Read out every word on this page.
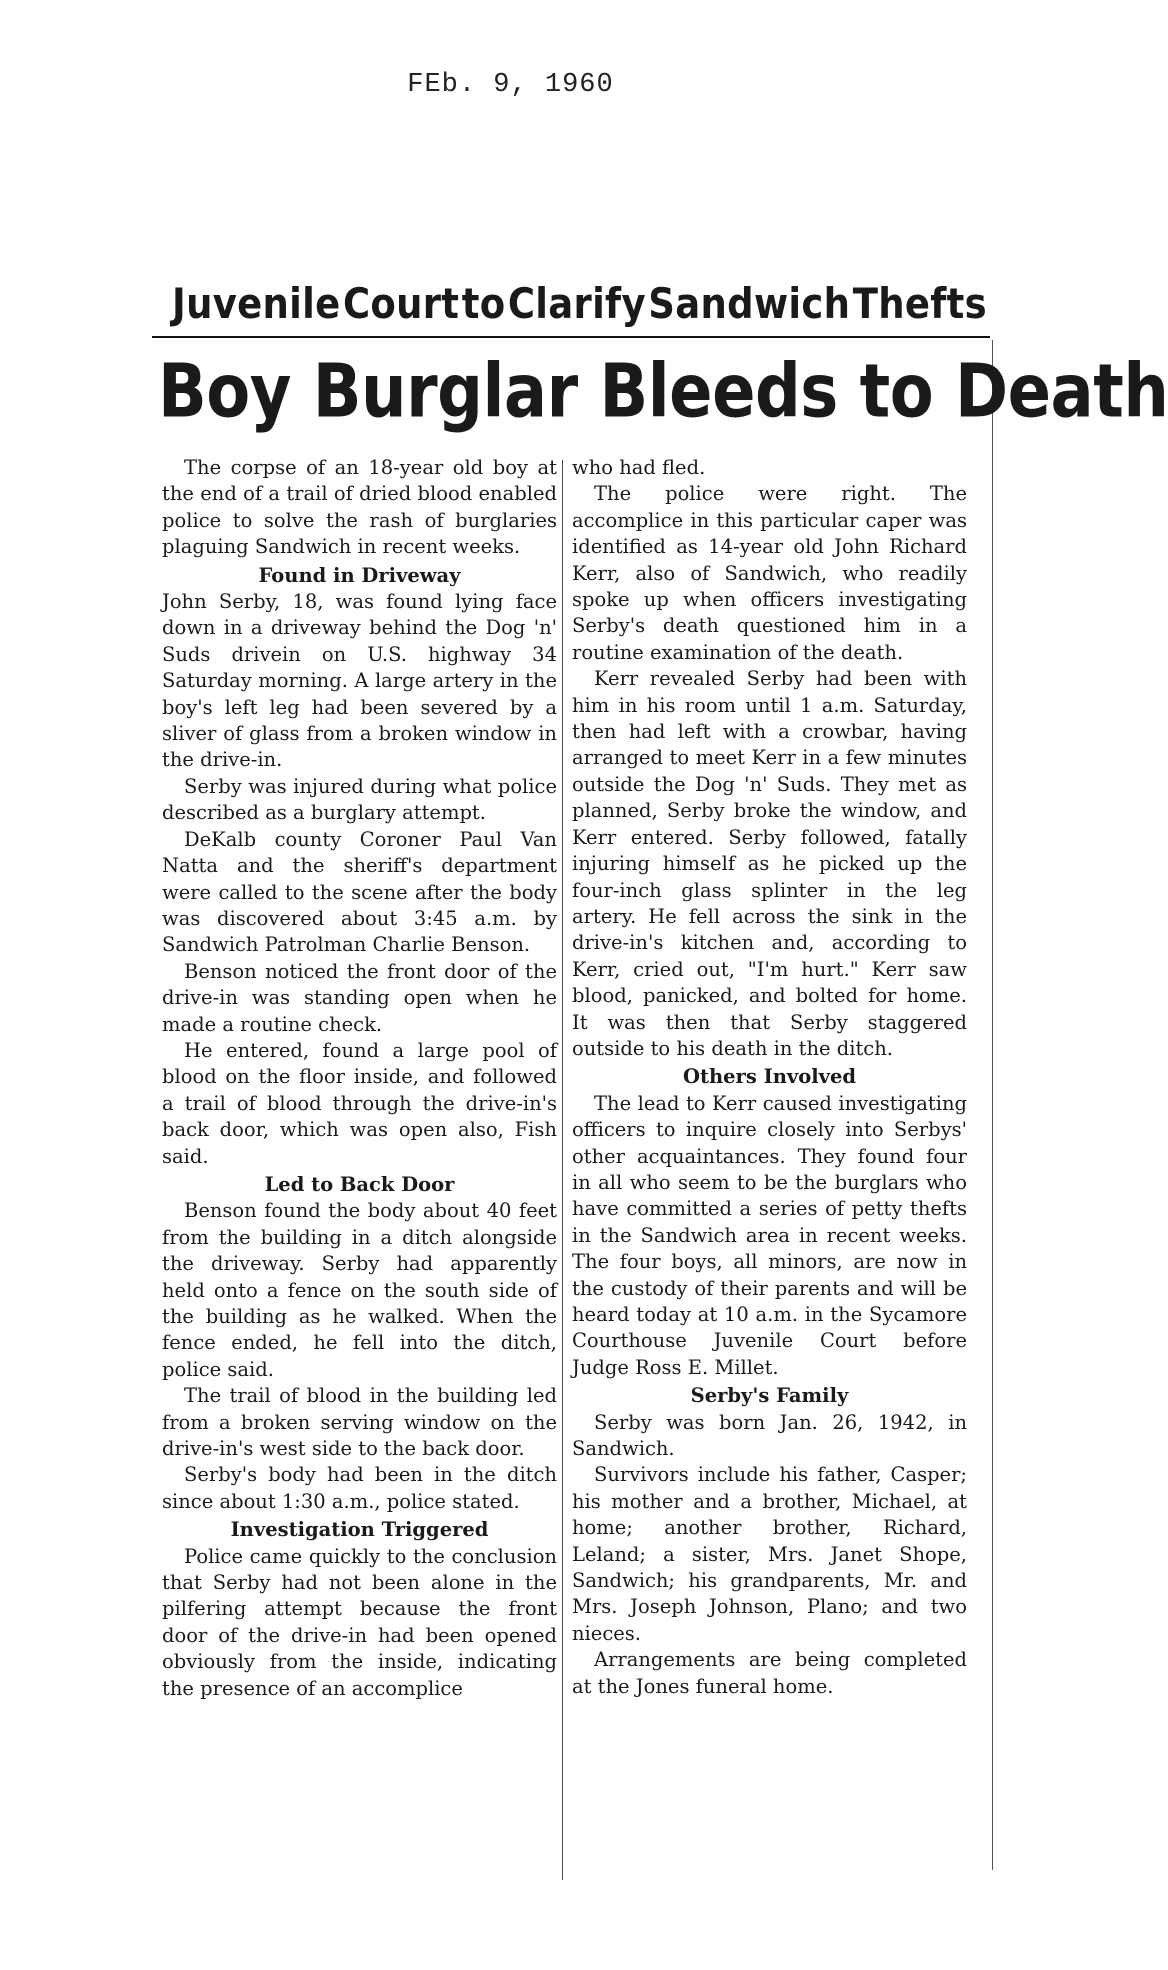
FEb. 9, 1960
Juvenile Court to Clarify Sandwich Thefts
Boy Burglar Bleeds to Death

The corpse of an 18-year old boy at the end of a trail of dried blood enabled police to solve the rash of burglaries plaguing Sandwich in recent weeks.

Found in Driveway

John Serby, 18, was found lying face down in a driveway behind the Dog 'n' Suds drivein on U.S. highway 34 Saturday morning. A large artery in the boy's left leg had been severed by a sliver of glass from a broken window in the drive-in.

Serby was injured during what police described as a burglary attempt.

DeKalb county Coroner Paul Van Natta and the sheriff's department were called to the scene after the body was discovered about 3:45 a.m. by Sandwich Patrolman Charlie Benson.

Benson noticed the front door of the drive-in was standing open when he made a routine check.

He entered, found a large pool of blood on the floor inside, and followed a trail of blood through the drive-in's back door, which was open also, Fish said.

Led to Back Door

Benson found the body about 40 feet from the building in a ditch alongside the driveway. Serby had apparently held onto a fence on the south side of the building as he walked. When the fence ended, he fell into the ditch, police said.

The trail of blood in the building led from a broken serving window on the drive-in's west side to the back door.

Serby's body had been in the ditch since about 1:30 a.m., police stated.

Investigation Triggered

Police came quickly to the conclusion that Serby had not been alone in the pilfering attempt because the front door of the drive-in had been opened obviously from the inside, indicating the presence of an accomplice

who had fled.

The police were right. The accomplice in this particular caper was identified as 14-year old John Richard Kerr, also of Sandwich, who readily spoke up when officers investigating Serby's death questioned him in a routine examination of the death.

Kerr revealed Serby had been with him in his room until 1 a.m. Saturday, then had left with a crowbar, having arranged to meet Kerr in a few minutes outside the Dog 'n' Suds. They met as planned, Serby broke the window, and Kerr entered. Serby followed, fatally injuring himself as he picked up the four-inch glass splinter in the leg artery. He fell across the sink in the drive-in's kitchen and, according to Kerr, cried out, "I'm hurt." Kerr saw blood, panicked, and bolted for home. It was then that Serby staggered outside to his death in the ditch.

Others Involved

The lead to Kerr caused investigating officers to inquire closely into Serbys' other acquaintances. They found four in all who seem to be the burglars who have committed a series of petty thefts in the Sandwich area in recent weeks. The four boys, all minors, are now in the custody of their parents and will be heard today at 10 a.m. in the Sycamore Courthouse Juvenile Court before Judge Ross E. Millet.

Serby's Family

Serby was born Jan. 26, 1942, in Sandwich.

Survivors include his father, Casper; his mother and a brother, Michael, at home; another brother, Richard, Leland; a sister, Mrs. Janet Shope, Sandwich; his grandparents, Mr. and Mrs. Joseph Johnson, Plano; and two nieces.

Arrangements are being completed at the Jones funeral home.
